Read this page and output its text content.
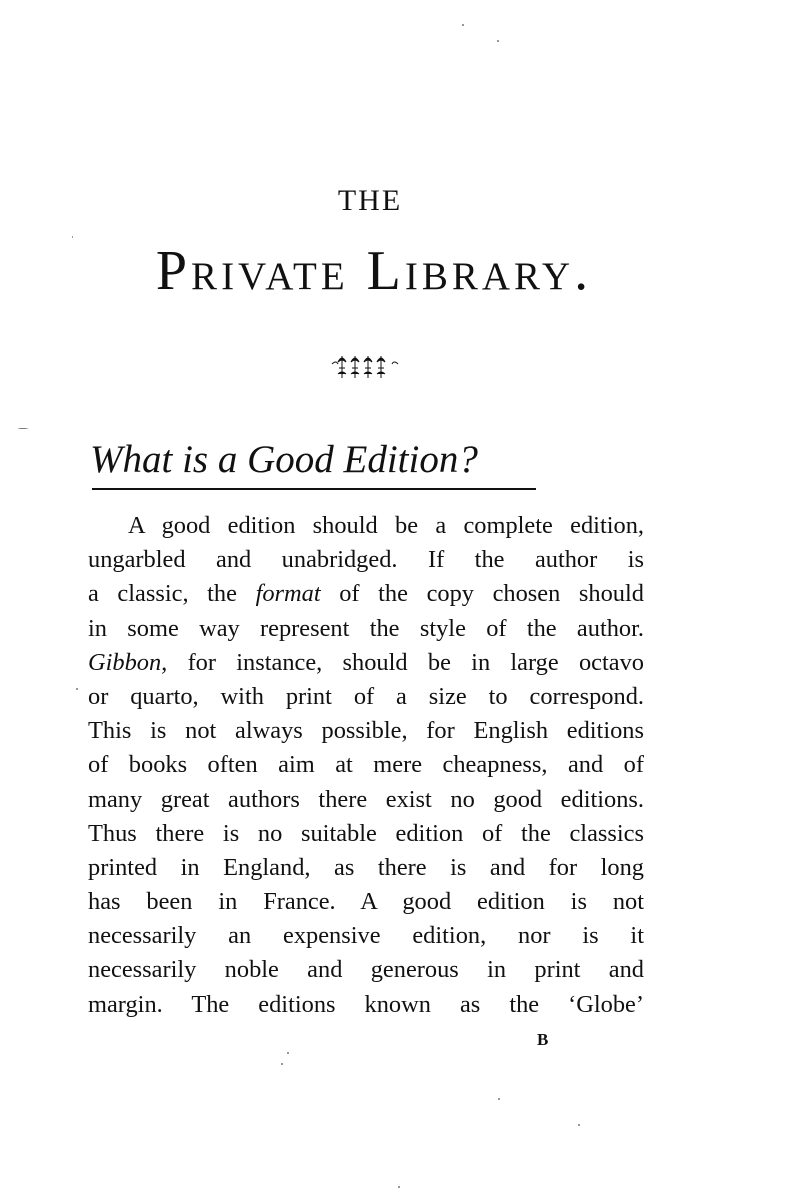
THE
Private Library.
What is a Good Edition?
A good edition should be a complete edition,
ungarbled and unabridged. If the author is
a classic, the format of the copy chosen should
in some way represent the style of the author.
Gibbon, for instance, should be in large octavo
or quarto, with print of a size to correspond.
This is not always possible, for English editions
of books often aim at mere cheapness, and of
many great authors there exist no good editions.
Thus there is no suitable edition of the classics
printed in England, as there is and for long
has been in France. A good edition is not
necessarily an expensive edition, nor is it
necessarily noble and generous in print and
margin. The editions known as the ‘Globe’
B
